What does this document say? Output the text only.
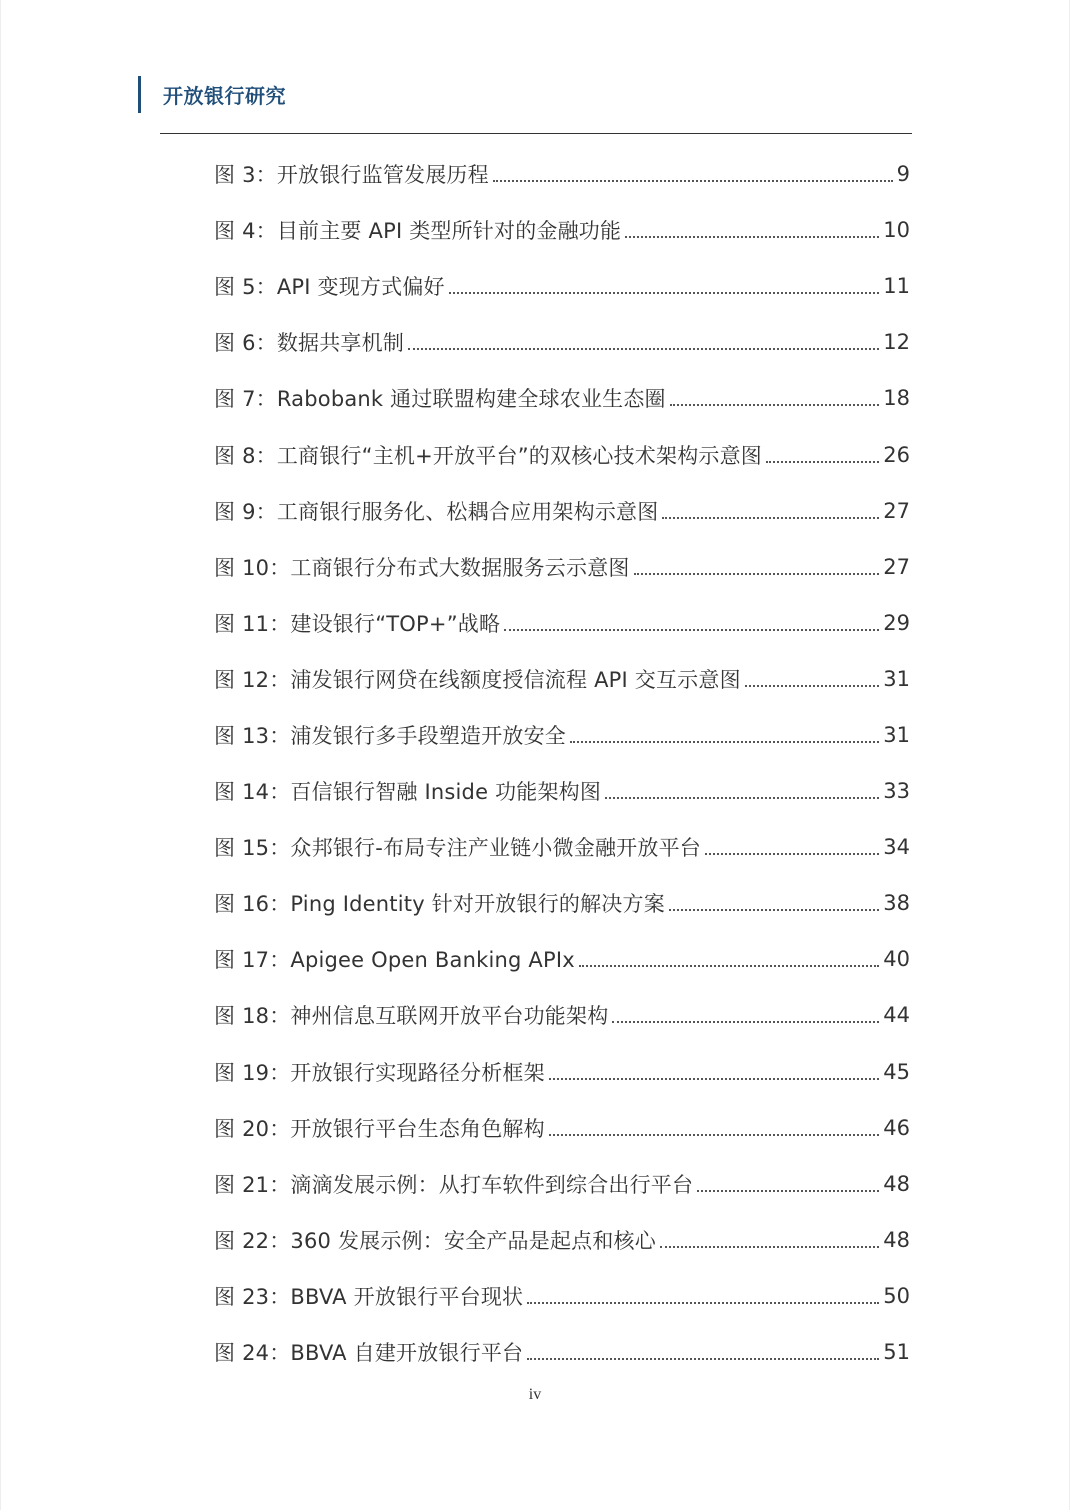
开放银行研究
图 3：开放银行监管发展历程	9
图 4：目前主要 API 类型所针对的金融功能	10
图 5：API 变现方式偏好	11
图 6：数据共享机制	12
图 7：Rabobank 通过联盟构建全球农业生态圈	18
图 8：工商银行“主机+开放平台”的双核心技术架构示意图	26
图 9：工商银行服务化、松耦合应用架构示意图	27
图 10：工商银行分布式大数据服务云示意图	27
图 11：建设银行“TOP+”战略	29
图 12：浦发银行网贷在线额度授信流程 API 交互示意图	31
图 13：浦发银行多手段塑造开放安全	31
图 14：百信银行智融 Inside 功能架构图	33
图 15：众邦银行-布局专注产业链小微金融开放平台	34
图 16：Ping Identity 针对开放银行的解决方案	38
图 17：Apigee Open Banking APIx	40
图 18：神州信息互联网开放平台功能架构	44
图 19：开放银行实现路径分析框架	45
图 20：开放银行平台生态角色解构	46
图 21：滴滴发展示例：从打车软件到综合出行平台	48
图 22：360 发展示例：安全产品是起点和核心	48
图 23：BBVA 开放银行平台现状	50
图 24：BBVA 自建开放银行平台	51
iv
